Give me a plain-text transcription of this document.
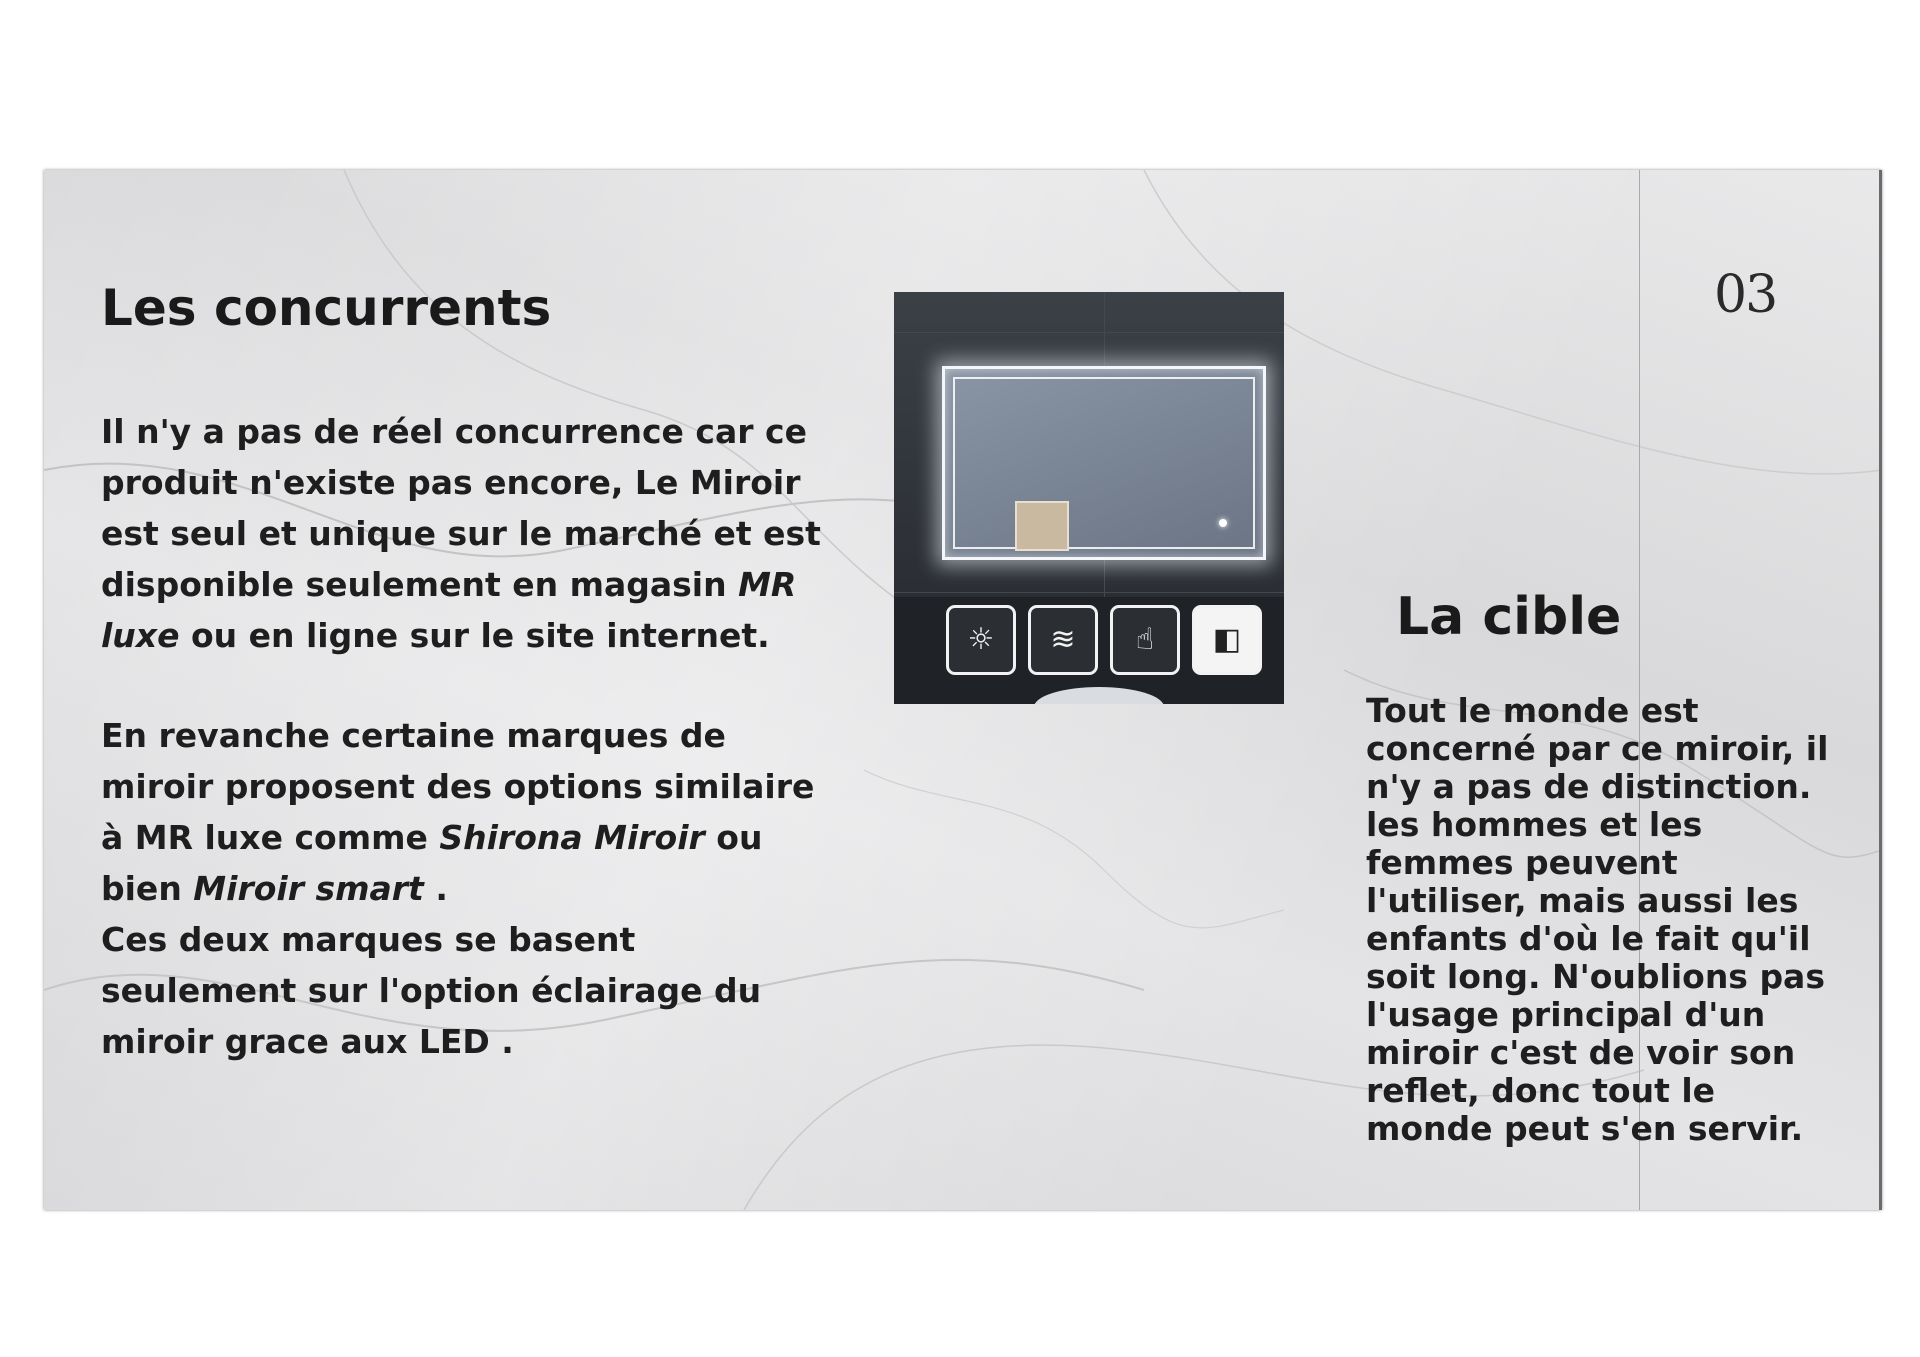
Les concurrents
Il n'y a pas de réel concurrence car ce produit n'existe pas encore, Le Miroir est seul et unique sur le marché et est disponible seulement en magasin MR luxe ou en ligne sur le site internet.
En revanche certaine marques de miroir proposent des options similaire à MR luxe comme Shirona Miroir ou bien Miroir smart .
Ces deux marques se basent seulement sur l'option éclairage du miroir grace aux LED .
☼	≋	☝	◧
03
La cible
Tout le monde est concerné par ce miroir, il n'y a pas de distinction. les hommes et les femmes peuvent l'utiliser, mais aussi les enfants d'où le fait qu'il soit long. N'oublions pas l'usage principal d'un miroir c'est de voir son reflet, donc tout le monde peut s'en servir.
